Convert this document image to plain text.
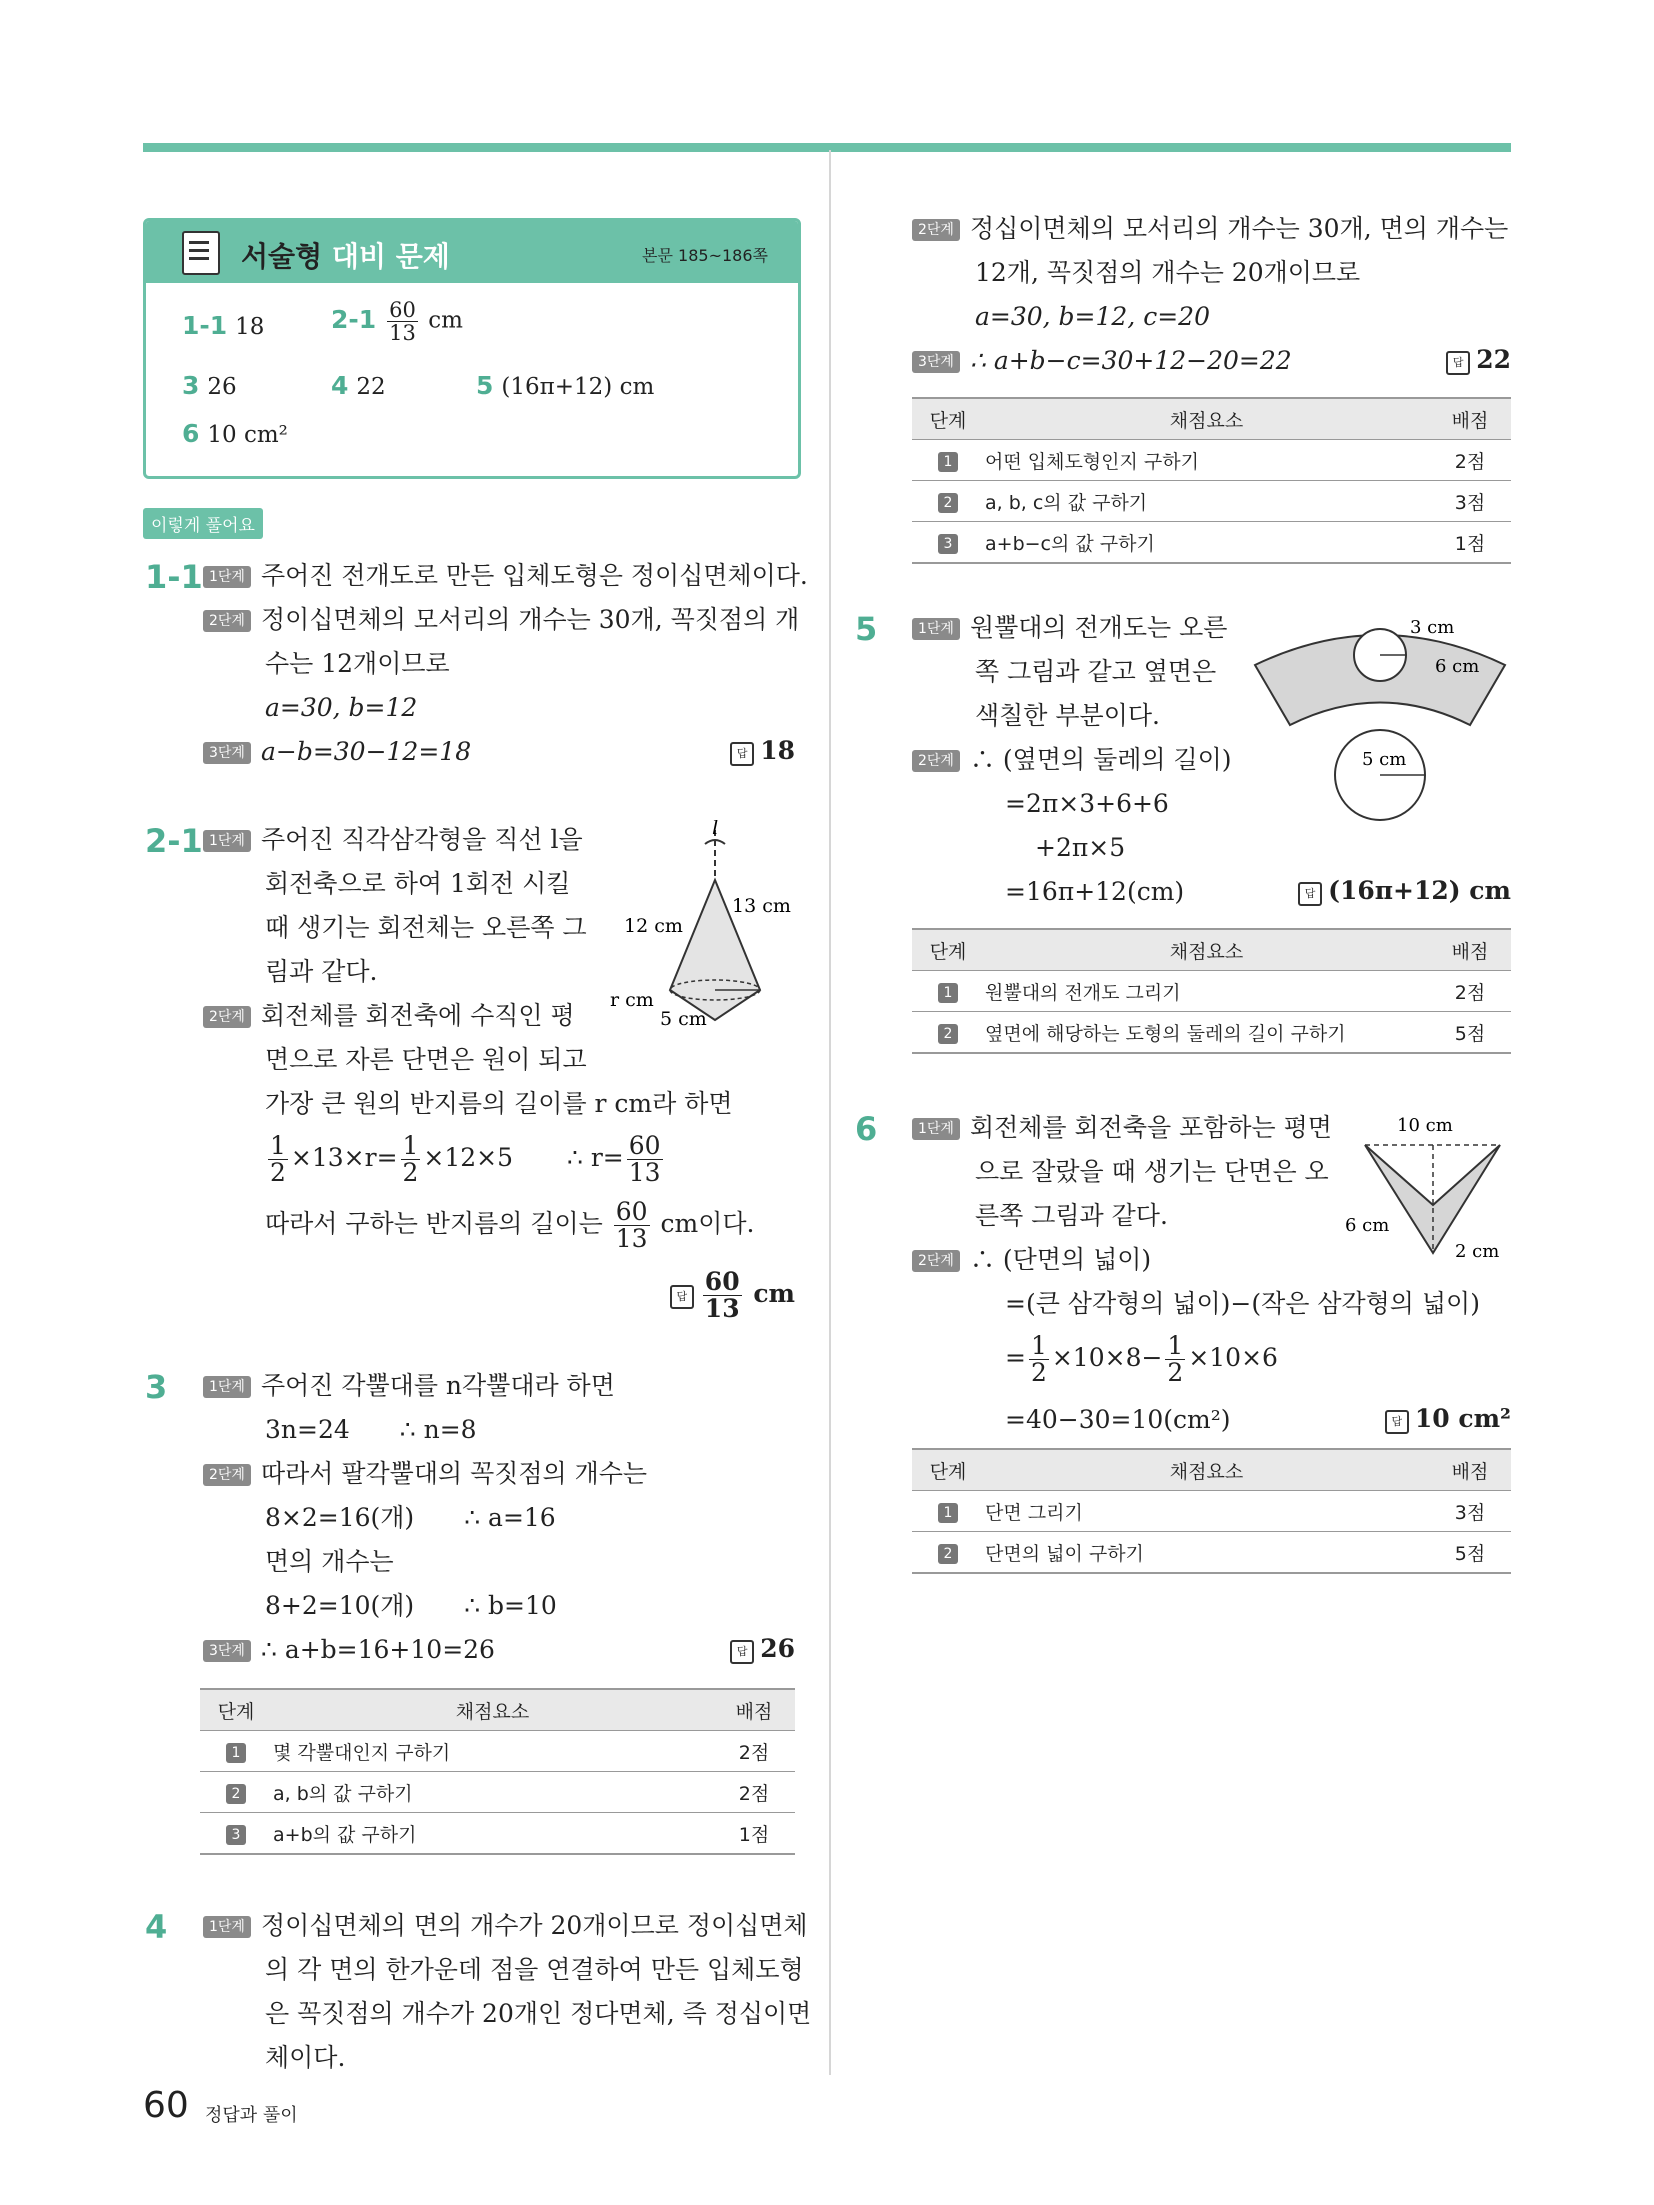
서술형 대비 문제	본문 185~186쪽
1-1 18	$2-1 \frac{60}{13}$ cm
3 26	4 22	5 (16π+12) cm
6 10 cm²
이렇게 풀어요
1-1 1단계 주어진 전개도로 만든 입체도형은 정이십면체이다.
2단계 정이십면체의 모서리의 개수는 30개, 꼭짓점의 개
수는 12개이므로
a=30, b=12
3단계 a−b=30−12=18	답 18
2-1 1단계 주어진 직각삼각형을 직선 l을
회전축으로 하여 1회전 시킬
때 생기는 회전체는 오른쪽 그
림과 같다.
2단계 회전체를 회전축에 수직인 평
면으로 자른 단면은 원이 되고
가장 큰 원의 반지름의 길이를 r cm라 하면
$\frac{1}{2} \times 13\times r= \frac{1}{2} \times 12\times 5$ ∴ $r= \frac{60}{13}$
따라서 구하는 반지름의 길이는 $\frac{60}{13}$ cm이다.
답 $\frac{60}{13}$ cm
l
13 cm
12 cm
r cm
5 cm
3	1단계 주어진 각뿔대를 n각뿔대라 하면
3n=24 ∴ n=8
2단계 따라서 팔각뿔대의 꼭짓점의 개수는
8×2=16(개) ∴ a=16
면의 개수는
8+2=10(개) ∴ b=10
3단계 ∴ a+b=16+10=26	답 26
단계	채점요소	배점
1	몇 각뿔대인지 구하기	2점
2	a, b의 값 구하기	2점
3	a+b의 값 구하기	1점
4	1단계 정이십면체의 면의 개수가 20개이므로 정이십면체
의 각 면의 한가운데 점을 연결하여 만든 입체도형
은 꼭짓점의 개수가 20개인 정다면체, 즉 정십이면
체이다.
2단계 정십이면체의 모서리의 개수는 30개, 면의 개수는
12개, 꼭짓점의 개수는 20개이므로
a=30, b=12, c=20
3단계 ∴ a+b−c=30+12−20=22	답 22
단계	채점요소	배점
1	어떤 입체도형인지 구하기	2점
2	a, b, c의 값 구하기	3점
3	a+b−c의 값 구하기	1점
5	1단계 원뿔대의 전개도는 오른
쪽 그림과 같고 옆면은
색칠한 부분이다.
2단계 ∴ (옆면의 둘레의 길이)
=2π×3+6+6
+2π×5
=16π+12(cm)	답 (16π+12) cm
3 cm
6 cm
5 cm
단계	채점요소	배점
1	원뿔대의 전개도 그리기	2점
2	옆면에 해당하는 도형의 둘레의 길이 구하기	5점
6	1단계 회전체를 회전축을 포함하는 평면
으로 잘랐을 때 생기는 단면은 오
른쪽 그림과 같다.
2단계 ∴ (단면의 넓이)
=(큰 삼각형의 넓이)−(작은 삼각형의 넓이)
= $\frac{1}{2} \times 10\times 8- \frac{1}{2} \times 10\times 6$
=40−30=10(cm²)	답 10 cm²
10 cm
6 cm
2 cm
단계	채점요소	배점
1	단면 그리기	3점
2	단면의 넓이 구하기	5점
60 정답과 풀이
